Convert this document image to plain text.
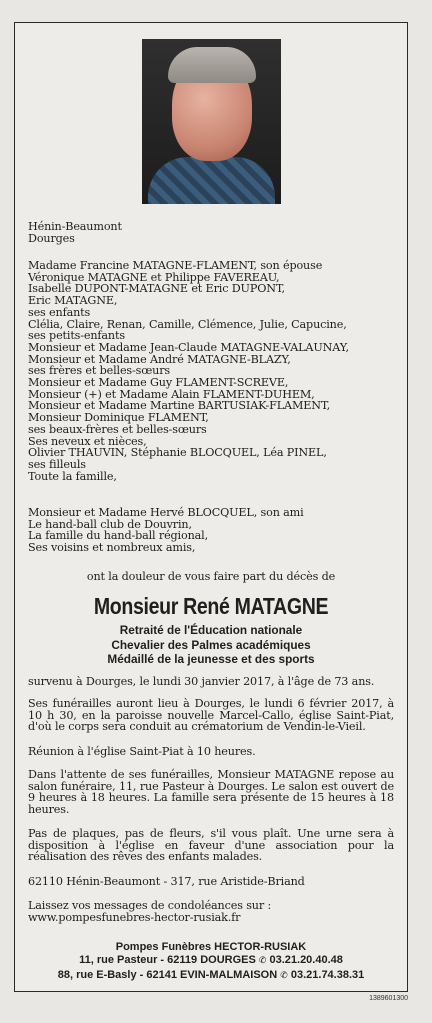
Hénin-Beaumont
Dourges
Madame Francine MATAGNE-FLAMENT, son épouse
Véronique MATAGNE et Philippe FAVEREAU,
Isabelle DUPONT-MATAGNE et Eric DUPONT,
Eric MATAGNE,
ses enfants
Clélia, Claire, Renan, Camille, Clémence, Julie, Capucine,
ses petits-enfants
Monsieur et Madame Jean-Claude MATAGNE-VALAUNAY,
Monsieur et Madame André MATAGNE-BLAZY,
ses frères et belles-sœurs
Monsieur et Madame Guy FLAMENT-SCREVE,
Monsieur (+) et Madame Alain FLAMENT-DUHEM,
Monsieur et Madame Martine BARTUSIAK-FLAMENT,
Monsieur Dominique FLAMENT,
ses beaux-frères et belles-sœurs
Ses neveux et nièces,
Olivier THAUVIN, Stéphanie BLOCQUEL, Léa PINEL,
ses filleuls
Toute la famille,
Monsieur et Madame Hervé BLOCQUEL, son ami
Le hand-ball club de Douvrin,
La famille du hand-ball régional,
Ses voisins et nombreux amis,
ont la douleur de vous faire part du décès de
Monsieur René MATAGNE
Retraité de l'Éducation nationale
Chevalier des Palmes académiques
Médaillé de la jeunesse et des sports
survenu à Dourges, le lundi 30 janvier 2017, à l'âge de 73 ans.
Ses funérailles auront lieu à Dourges, le lundi 6 février 2017, à 10 h 30, en la paroisse nouvelle Marcel-Callo, église Saint-Piat, d'où le corps sera conduit au crématorium de Vendin-le-Vieil.
Réunion à l'église Saint-Piat à 10 heures.
Dans l'attente de ses funérailles, Monsieur MATAGNE repose au salon funéraire, 11, rue Pasteur à Dourges. Le salon est ouvert de 9 heures à 18 heures. La famille sera présente de 15 heures à 18 heures.
Pas de plaques, pas de fleurs, s'il vous plaît. Une urne sera à disposition à l'église en faveur d'une association pour la réalisation des rêves des enfants malades.
62110 Hénin-Beaumont - 317, rue Aristide-Briand
Laissez vos messages de condoléances sur :
www.pompesfunebres-hector-rusiak.fr
Pompes Funèbres HECTOR-RUSIAK
11, rue Pasteur - 62119 DOURGES ✆ 03.21.20.40.48
88, rue E-Basly - 62141 EVIN-MALMAISON ✆ 03.21.74.38.31
1389601300
